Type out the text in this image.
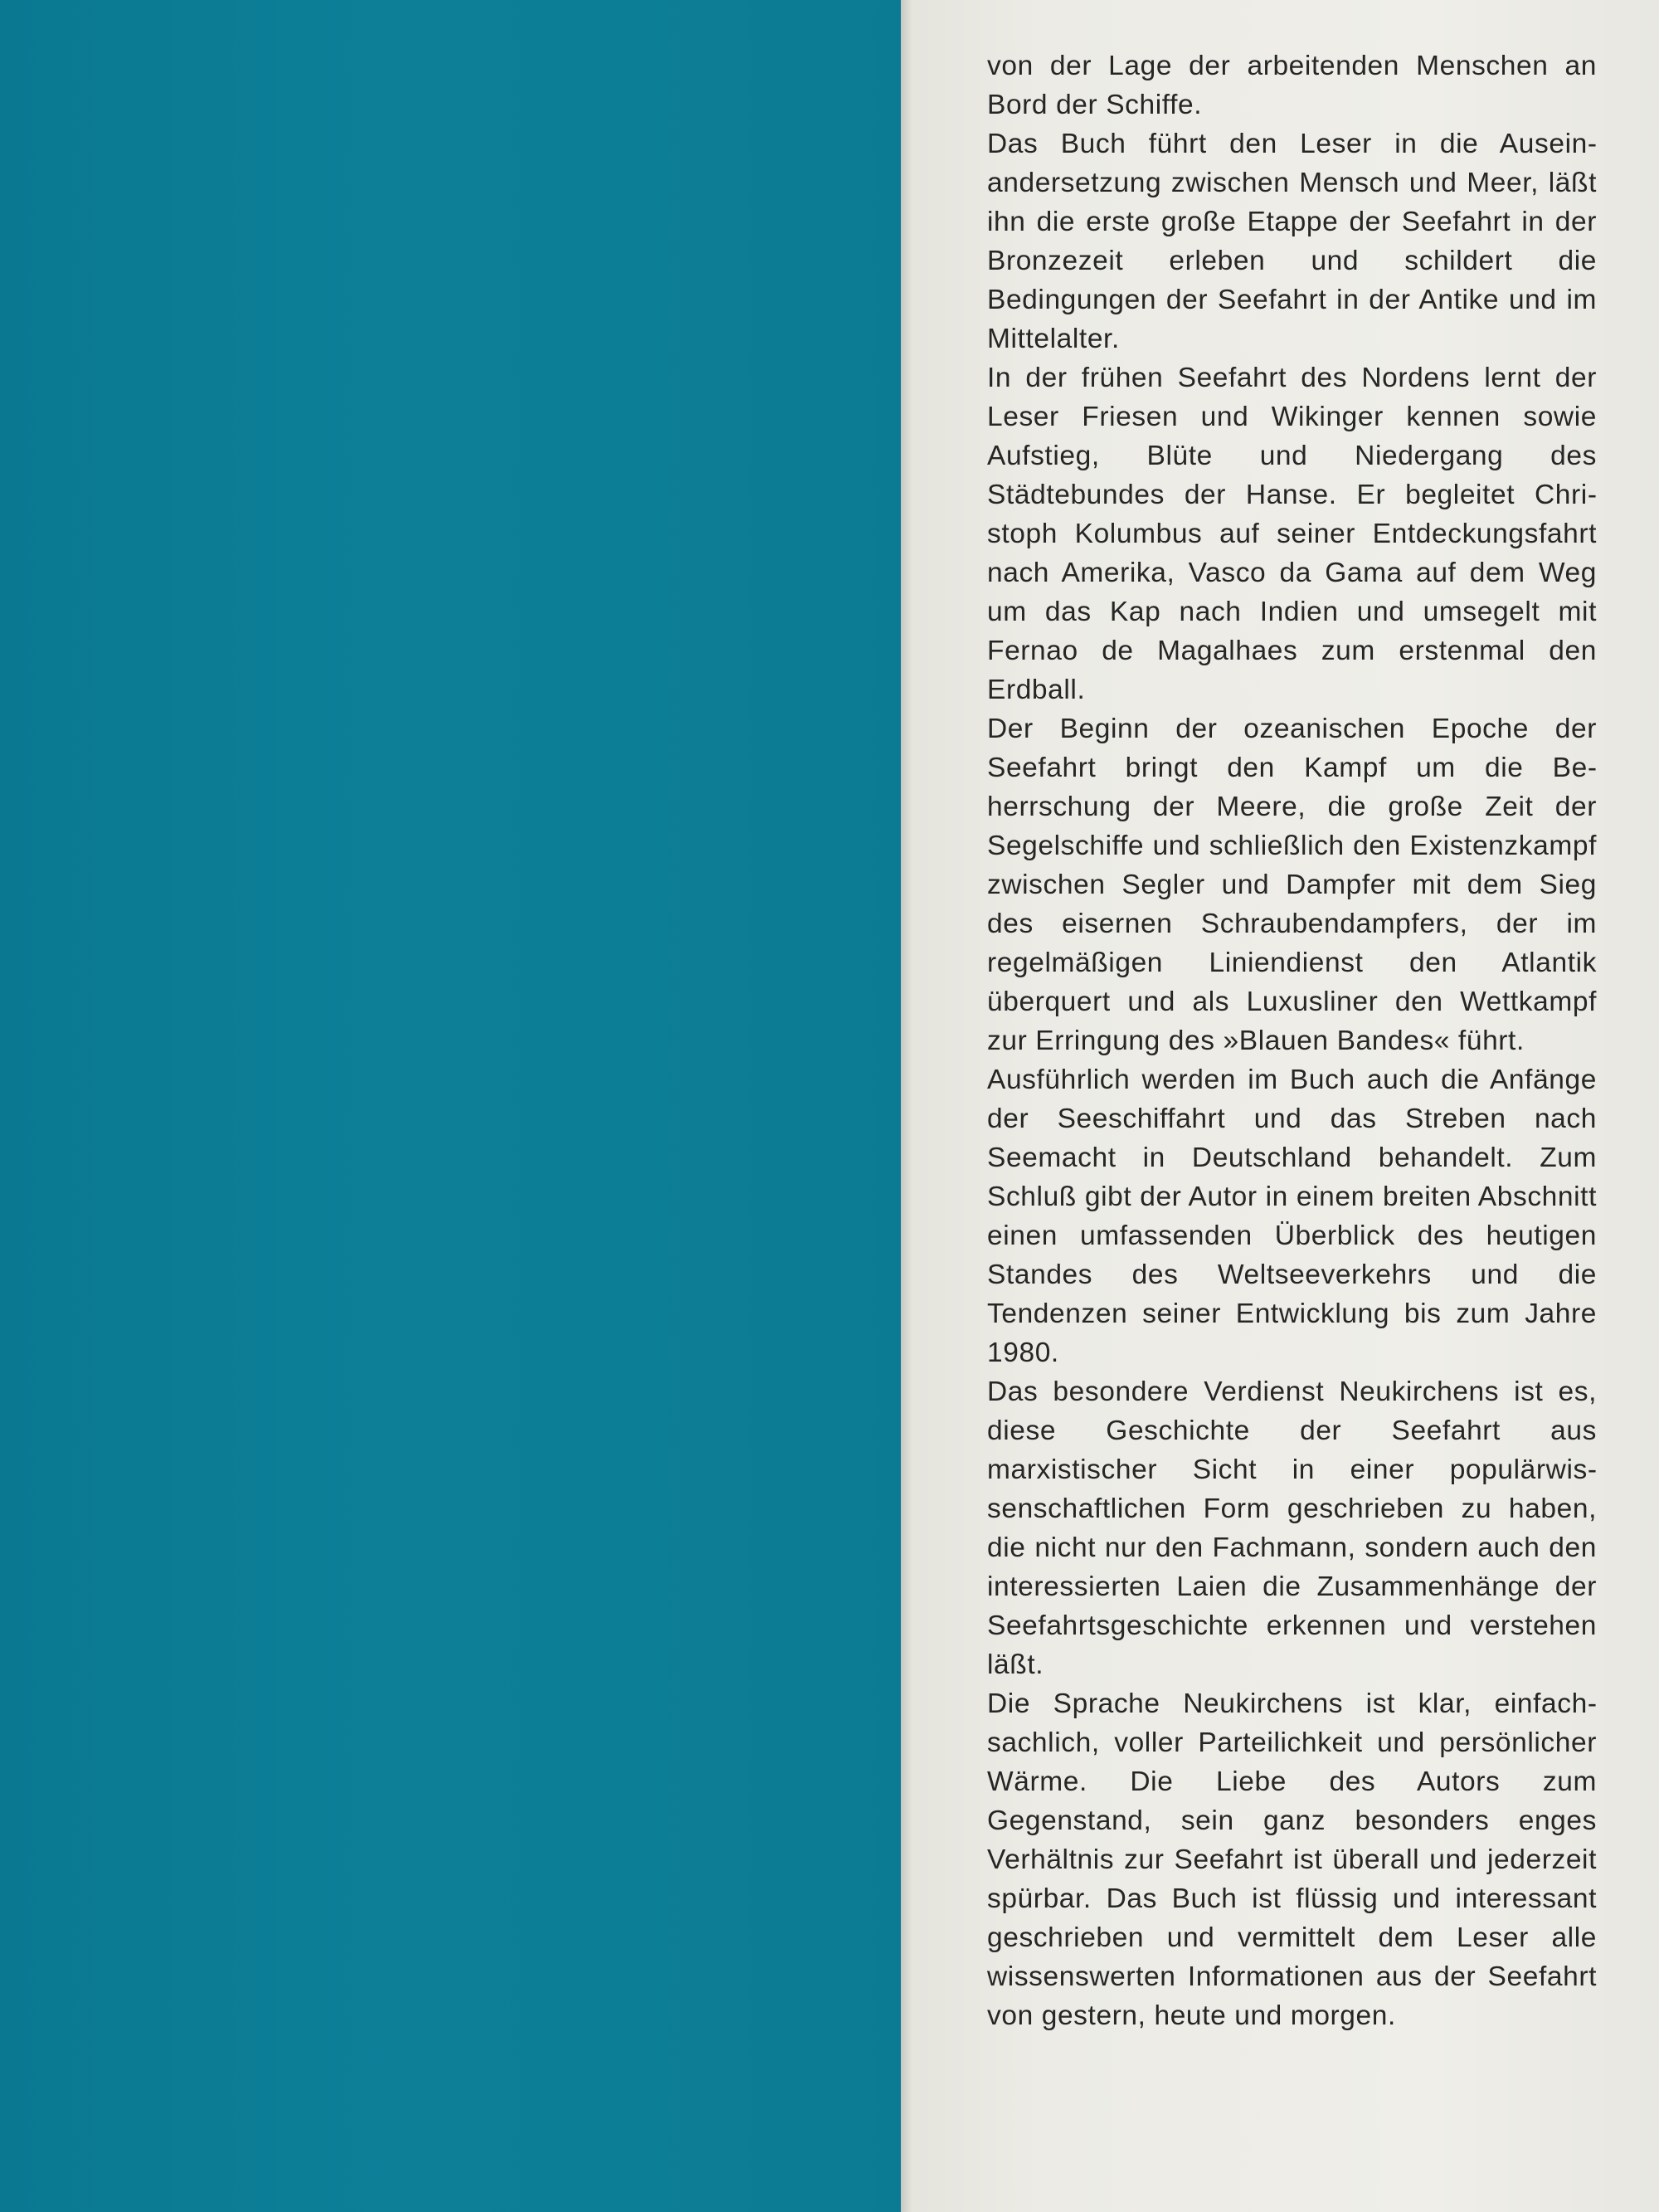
von der Lage der arbeitenden Menschen an Bord der Schiffe.

Das Buch führt den Leser in die Auseinandersetzung zwischen Mensch und Meer, läßt ihn die erste große Etappe der Seefahrt in der Bronzezeit erleben und schildert die Bedingungen der Seefahrt in der Antike und im Mittelalter.

In der frühen Seefahrt des Nordens lernt der Leser Friesen und Wikinger kennen sowie Aufstieg, Blüte und Niedergang des Städtebundes der Hanse. Er begleitet Christoph Kolumbus auf seiner Entdeckungsfahrt nach Amerika, Vasco da Gama auf dem Weg um das Kap nach Indien und umsegelt mit Fernao de Magalhaes zum erstenmal den Erdball.

Der Beginn der ozeanischen Epoche der Seefahrt bringt den Kampf um die Beherrschung der Meere, die große Zeit der Segelschiffe und schließlich den Existenzkampf zwischen Segler und Dampfer mit dem Sieg des eisernen Schraubendampfers, der im regelmäßigen Liniendienst den Atlantik überquert und als Luxusliner den Wettkampf zur Erringung des »Blauen Bandes« führt.

Ausführlich werden im Buch auch die Anfänge der Seeschiffahrt und das Streben nach Seemacht in Deutschland behandelt. Zum Schluß gibt der Autor in einem breiten Abschnitt einen umfassenden Überblick des heutigen Standes des Weltseeverkehrs und die Tendenzen seiner Entwicklung bis zum Jahre 1980.

Das besondere Verdienst Neukirchens ist es, diese Geschichte der Seefahrt aus marxistischer Sicht in einer populärwissenschaftlichen Form geschrieben zu haben, die nicht nur den Fachmann, sondern auch den interessierten Laien die Zusammenhänge der Seefahrtsgeschichte erkennen und verstehen läßt.

Die Sprache Neukirchens ist klar, einfachsachlich, voller Parteilichkeit und persönlicher Wärme. Die Liebe des Autors zum Gegenstand, sein ganz besonders enges Verhältnis zur Seefahrt ist überall und jederzeit spürbar. Das Buch ist flüssig und interessant geschrieben und vermittelt dem Leser alle wissenswerten Informationen aus der Seefahrt von gestern, heute und morgen.
